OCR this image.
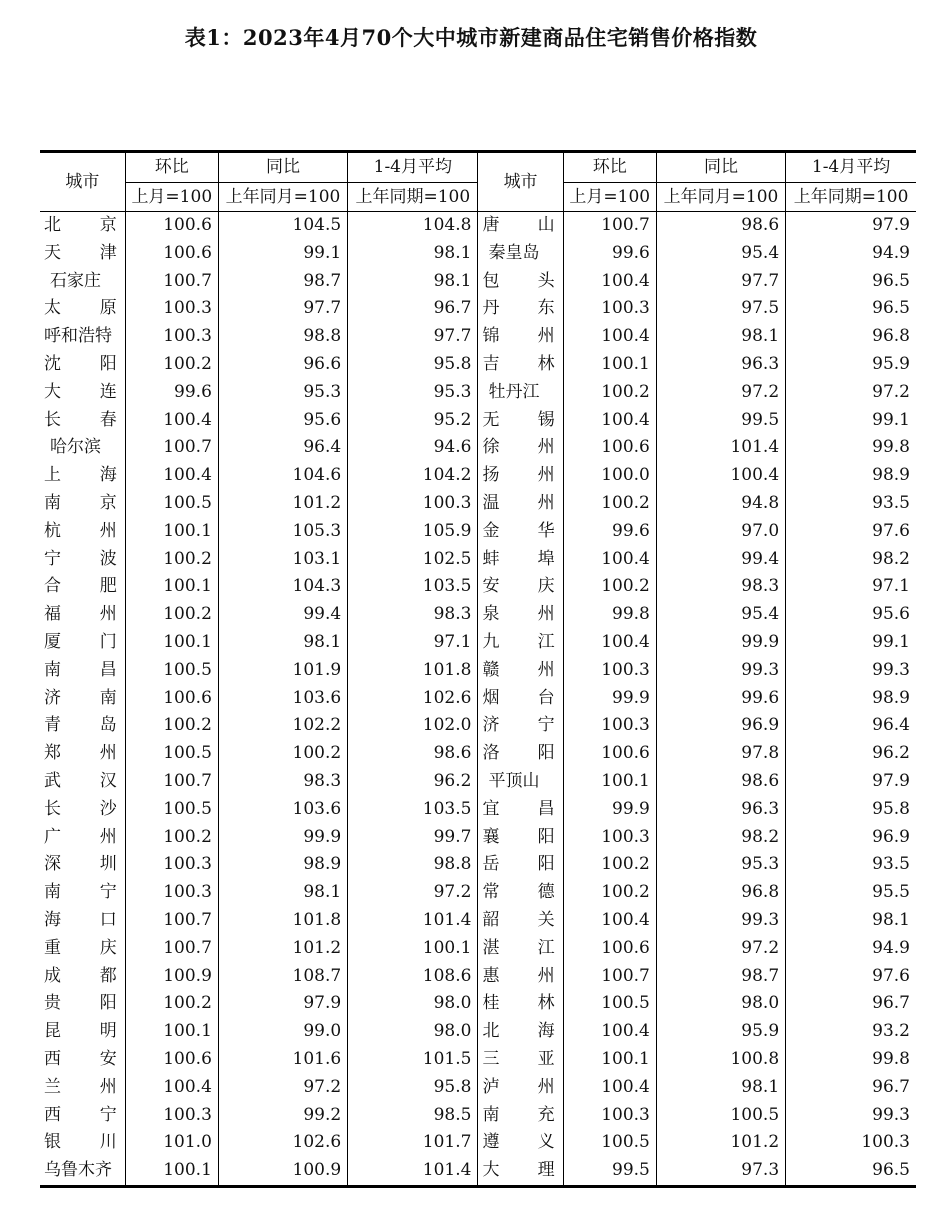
表1：2023年4月70个大中城市新建商品住宅销售价格指数
城市	环比	同比	1-4月平均	城市	环比	同比	1-4月平均
	上月=100	上年同月=100	上年同期=100		上月=100	上年同月=100	上年同期=100

北 京	100.6	104.5	104.8	唐 山	100.7	98.6	97.9

天 津	100.6	99.1	98.1	秦 皇 岛	99.6	95.4	94.9

石 家 庄	100.7	98.7	98.1	包 头	100.4	97.7	96.5

太 原	100.3	97.7	96.7	丹 东	100.3	97.5	96.5
呼和浩特	100.3	98.8	97.7	锦 州	100.4	98.1	96.8

沈 阳	100.2	96.6	95.8	吉 林	100.1	96.3	95.9

大 连	99.6	95.3	95.3	牡 丹 江	100.2	97.2	97.2

长 春	100.4	95.6	95.2	无 锡	100.4	99.5	99.1

哈 尔 滨	100.7	96.4	94.6	徐 州	100.6	101.4	99.8

上 海	100.4	104.6	104.2	扬 州	100.0	100.4	98.9

南 京	100.5	101.2	100.3	温 州	100.2	94.8	93.5

杭 州	100.1	105.3	105.9	金 华	99.6	97.0	97.6

宁 波	100.2	103.1	102.5	蚌 埠	100.4	99.4	98.2

合 肥	100.1	104.3	103.5	安 庆	100.2	98.3	97.1

福 州	100.2	99.4	98.3	泉 州	99.8	95.4	95.6

厦 门	100.1	98.1	97.1	九 江	100.4	99.9	99.1

南 昌	100.5	101.9	101.8	赣 州	100.3	99.3	99.3

济 南	100.6	103.6	102.6	烟 台	99.9	99.6	98.9

青 岛	100.2	102.2	102.0	济 宁	100.3	96.9	96.4

郑 州	100.5	100.2	98.6	洛 阳	100.6	97.8	96.2

武 汉	100.7	98.3	96.2	平 顶 山	100.1	98.6	97.9

长 沙	100.5	103.6	103.5	宜 昌	99.9	96.3	95.8

广 州	100.2	99.9	99.7	襄 阳	100.3	98.2	96.9

深 圳	100.3	98.9	98.8	岳 阳	100.2	95.3	93.5

南 宁	100.3	98.1	97.2	常 德	100.2	96.8	95.5

海 口	100.7	101.8	101.4	韶 关	100.4	99.3	98.1

重 庆	100.7	101.2	100.1	湛 江	100.6	97.2	94.9

成 都	100.9	108.7	108.6	惠 州	100.7	98.7	97.6

贵 阳	100.2	97.9	98.0	桂 林	100.5	98.0	96.7

昆 明	100.1	99.0	98.0	北 海	100.4	95.9	93.2

西 安	100.6	101.6	101.5	三 亚	100.1	100.8	99.8

兰 州	100.4	97.2	95.8	泸 州	100.4	98.1	96.7

西 宁	100.3	99.2	98.5	南 充	100.3	100.5	99.3

银 川	101.0	102.6	101.7	遵 义	100.5	101.2	100.3
乌鲁木齐	100.1	100.9	101.4	大 理	99.5	97.3	96.5
